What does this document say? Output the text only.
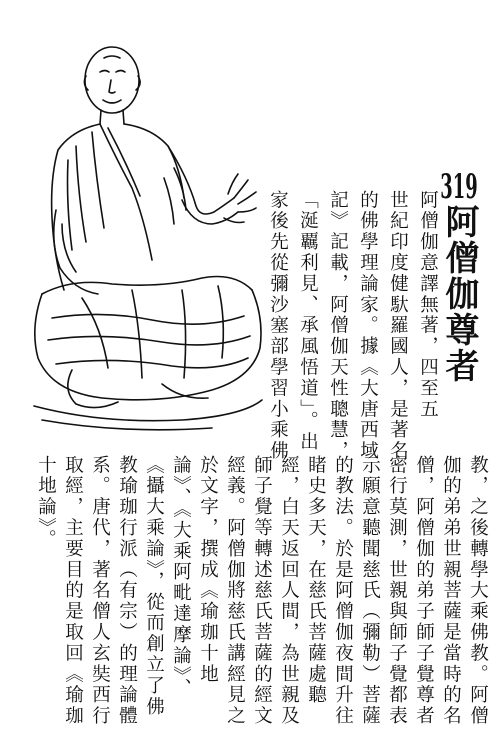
319阿僧伽尊者
阿僧伽意譯無著，四至五
世紀印度健馱羅國人，是著名
的佛學理論家。據《大唐西域
記》記載，阿僧伽天性聰慧，
「涎覊利見、承風悟道」。出
家後先從彌沙塞部學習小乘佛
教，之後轉學大乘佛教。阿僧
伽的弟弟世親菩薩是當時的名
僧，阿僧伽的弟子師子覺尊者
密行莫測，世親與師子覺都表
示願意聽聞慈氏（彌勒）菩薩
的教法。於是阿僧伽夜間升往
睹史多天，在慈氏菩薩處聽
經，白天返回人間，為世親及
師子覺等轉述慈氏菩薩的經文
經義。阿僧伽將慈氏講經見之
於文字，撰成《瑜珈十地
論》、《大乘阿毗達摩論》、
《攝大乘論》，從而創立了佛
教瑜珈行派（有宗）的理論體
系。唐代，著名僧人玄奘西行
取經，主要目的是取回《瑜珈
十地論》。
